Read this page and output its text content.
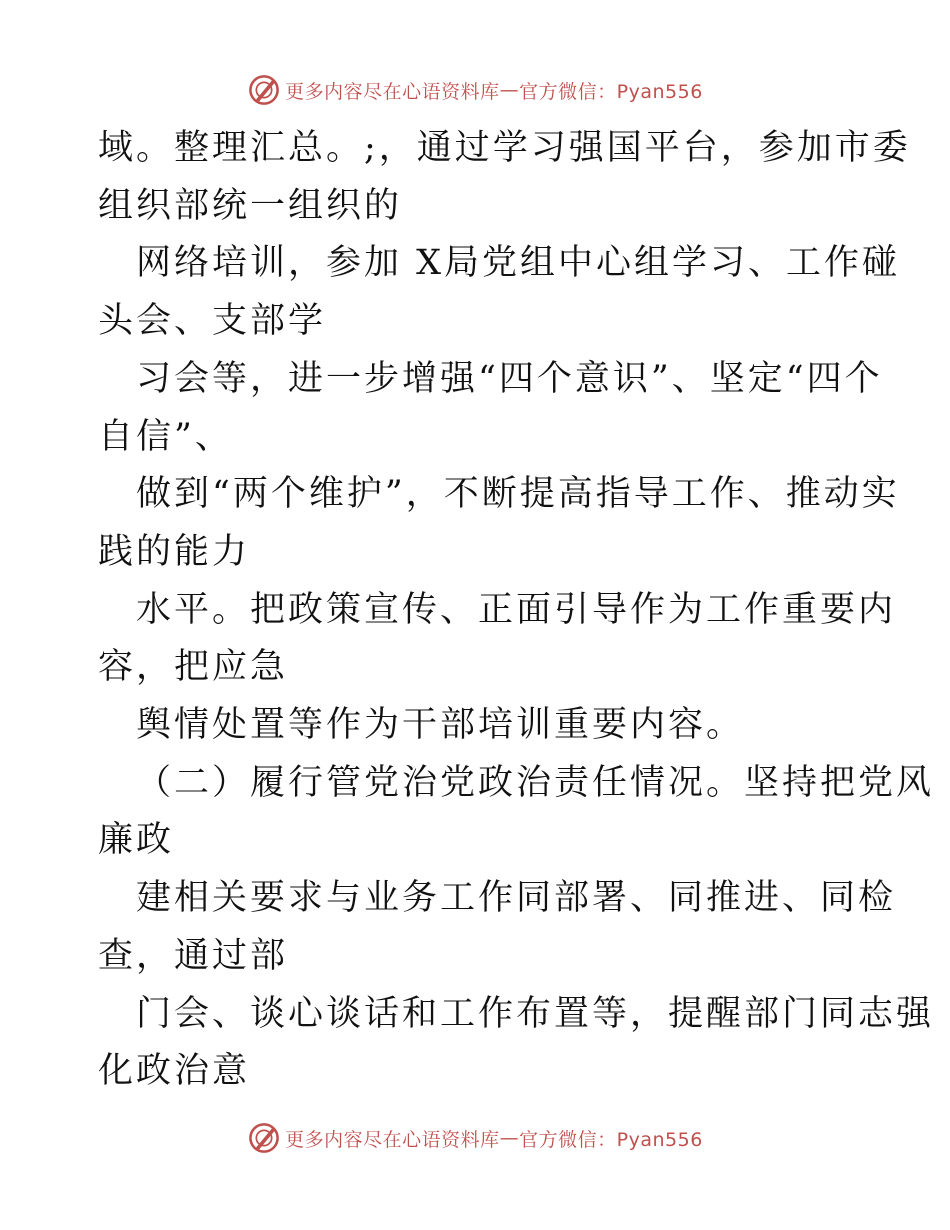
更多内容尽在心语资料库 — 官方微信：Pyan556

域。整理汇总。;，通过学习强国平台，参加市委

组织部统一组织的

网络培训，参加 X局党组中心组学习、工作碰

头会、支部学

习会等，进一步增强“四个意识”、坚定“四个

自信”、

做到“两个维护”，不断提高指导工作、推动实

践的能力

水平。把政策宣传、正面引导作为工作重要内

容，把应急

舆情处置等作为干部培训重要内容。

（二）履行管党治党政治责任情况。坚持把党风

廉政

建相关要求与业务工作同部署、同推进、同检

查，通过部

门会、谈心谈话和工作布置等，提醒部门同志强

化政治意

更多内容尽在心语资料库 — 官方微信：Pyan556
